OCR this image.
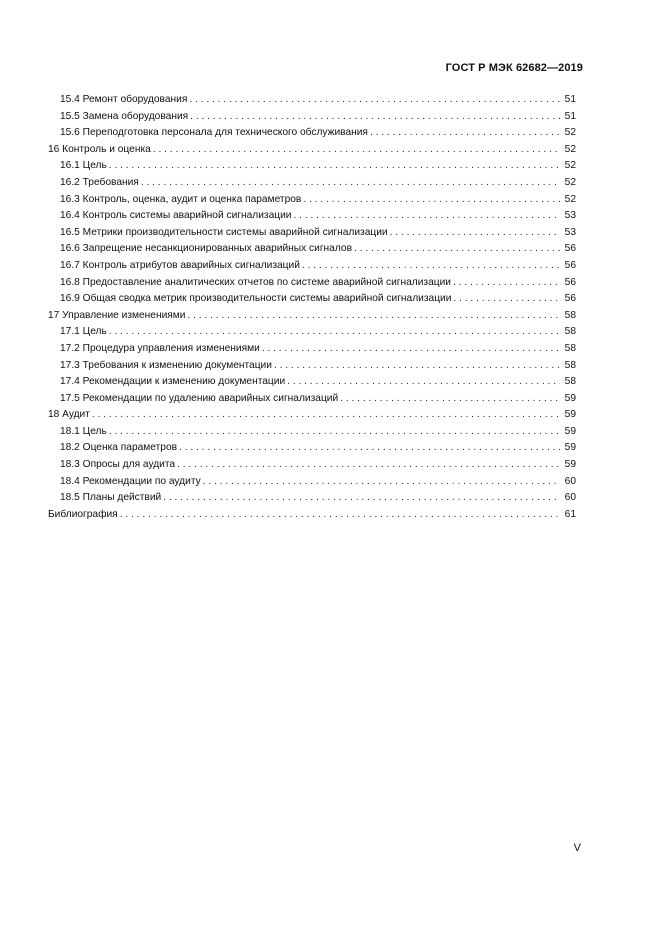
ГОСТ Р МЭК 62682—2019
15.4 Ремонт оборудования . . .	51
15.5 Замена оборудования . . .	51
15.6 Переподготовка персонала для технического обслуживания . . .	52
16 Контроль и оценка . . .	52
16.1 Цель . . .	52
16.2 Требования . . .	52
16.3 Контроль, оценка, аудит и оценка параметров . . .	52
16.4 Контроль системы аварийной сигнализации . . .	53
16.5 Метрики производительности системы аварийной сигнализации . . .	53
16.6 Запрещение несанкционированных аварийных сигналов . . .	56
16.7 Контроль атрибутов аварийных сигнализаций . . .	56
16.8 Предоставление аналитических отчетов по системе аварийной сигнализации . . .	56
16.9 Общая сводка метрик производительности системы аварийной сигнализации . . .	56
17 Управление изменениями . . .	58
17.1 Цель . . .	58
17.2 Процедура управления изменениями . . .	58
17.3 Требования к изменению документации . . .	58
17.4 Рекомендации к изменению документации . . .	58
17.5 Рекомендации по удалению аварийных сигнализаций . . .	59
18 Аудит . . .	59
18.1 Цель . . .	59
18.2 Оценка параметров . . .	59
18.3 Опросы для аудита . . .	59
18.4 Рекомендации по аудиту . . .	60
18.5 Планы действий . . .	60
Библиография . . .	61
V
